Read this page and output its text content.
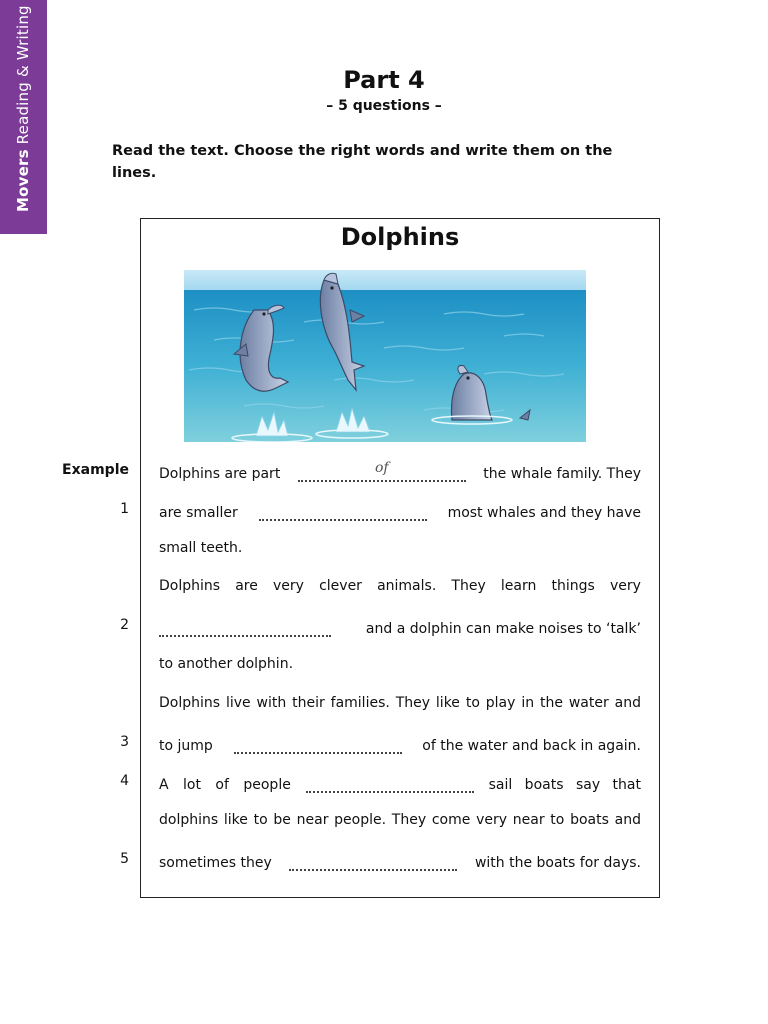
Movers Reading & Writing	Part 4
– 5 questions –
Read the text. Choose the right words and write them on the lines.
Dolphins
Example Dolphins are part	of	the whale family. They
1 are smaller	most whales and they have
small teeth.
Dolphins are very clever animals. They learn things very
2	and a dolphin can make noises to ‘talk’
to another dolphin.
Dolphins live with their families. They like to play in the water and
3 to jump	of the water and back in again.
4 A lot of people	sail boats say that
dolphins like to be near people. They come very near to boats and
5 sometimes they	with the boats for days.
